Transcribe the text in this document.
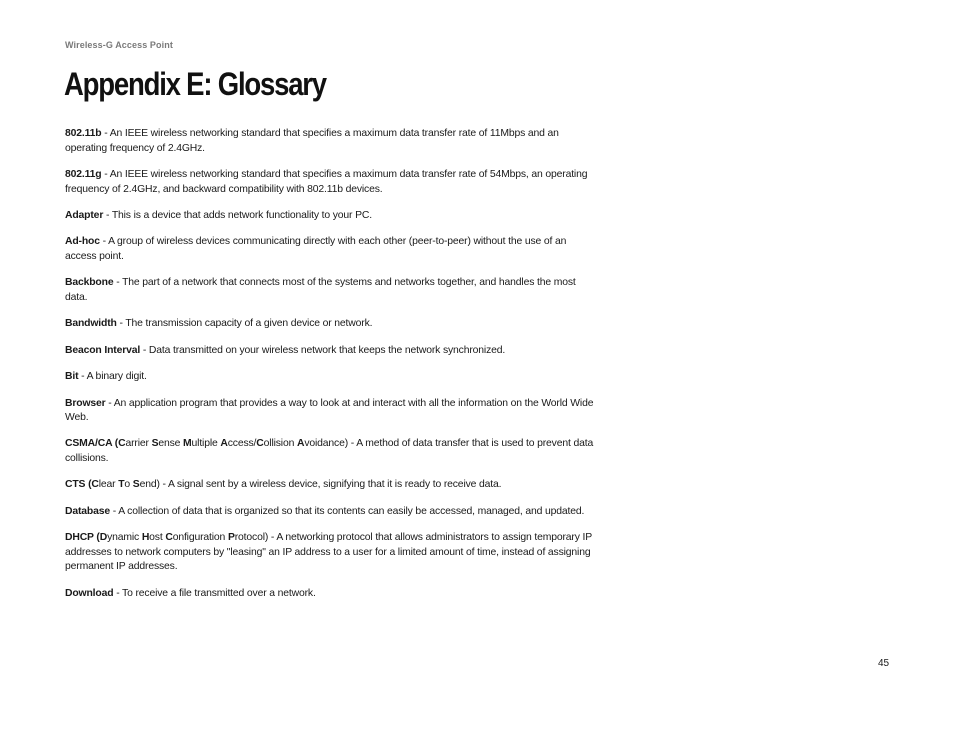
Wireless-G Access Point
Appendix E: Glossary

802.11b - An IEEE wireless networking standard that specifies a maximum data transfer rate of 11Mbps and an operating frequency of 2.4GHz.

802.11g - An IEEE wireless networking standard that specifies a maximum data transfer rate of 54Mbps, an operating frequency of 2.4GHz, and backward compatibility with 802.11b devices.

Adapter - This is a device that adds network functionality to your PC.

Ad-hoc - A group of wireless devices communicating directly with each other (peer-to-peer) without the use of an access point.

Backbone - The part of a network that connects most of the systems and networks together, and handles the most data.

Bandwidth - The transmission capacity of a given device or network.

Beacon Interval - Data transmitted on your wireless network that keeps the network synchronized.

Bit - A binary digit.

Browser - An application program that provides a way to look at and interact with all the information on the World Wide Web.

CSMA/CA (Carrier Sense Multiple Access/Collision Avoidance) - A method of data transfer that is used to prevent data collisions.

CTS (Clear To Send) - A signal sent by a wireless device, signifying that it is ready to receive data.

Database - A collection of data that is organized so that its contents can easily be accessed, managed, and updated.

DHCP (Dynamic Host Configuration Protocol) - A networking protocol that allows administrators to assign temporary IP addresses to network computers by "leasing" an IP address to a user for a limited amount of time, instead of assigning permanent IP addresses.

Download - To receive a file transmitted over a network.

45
